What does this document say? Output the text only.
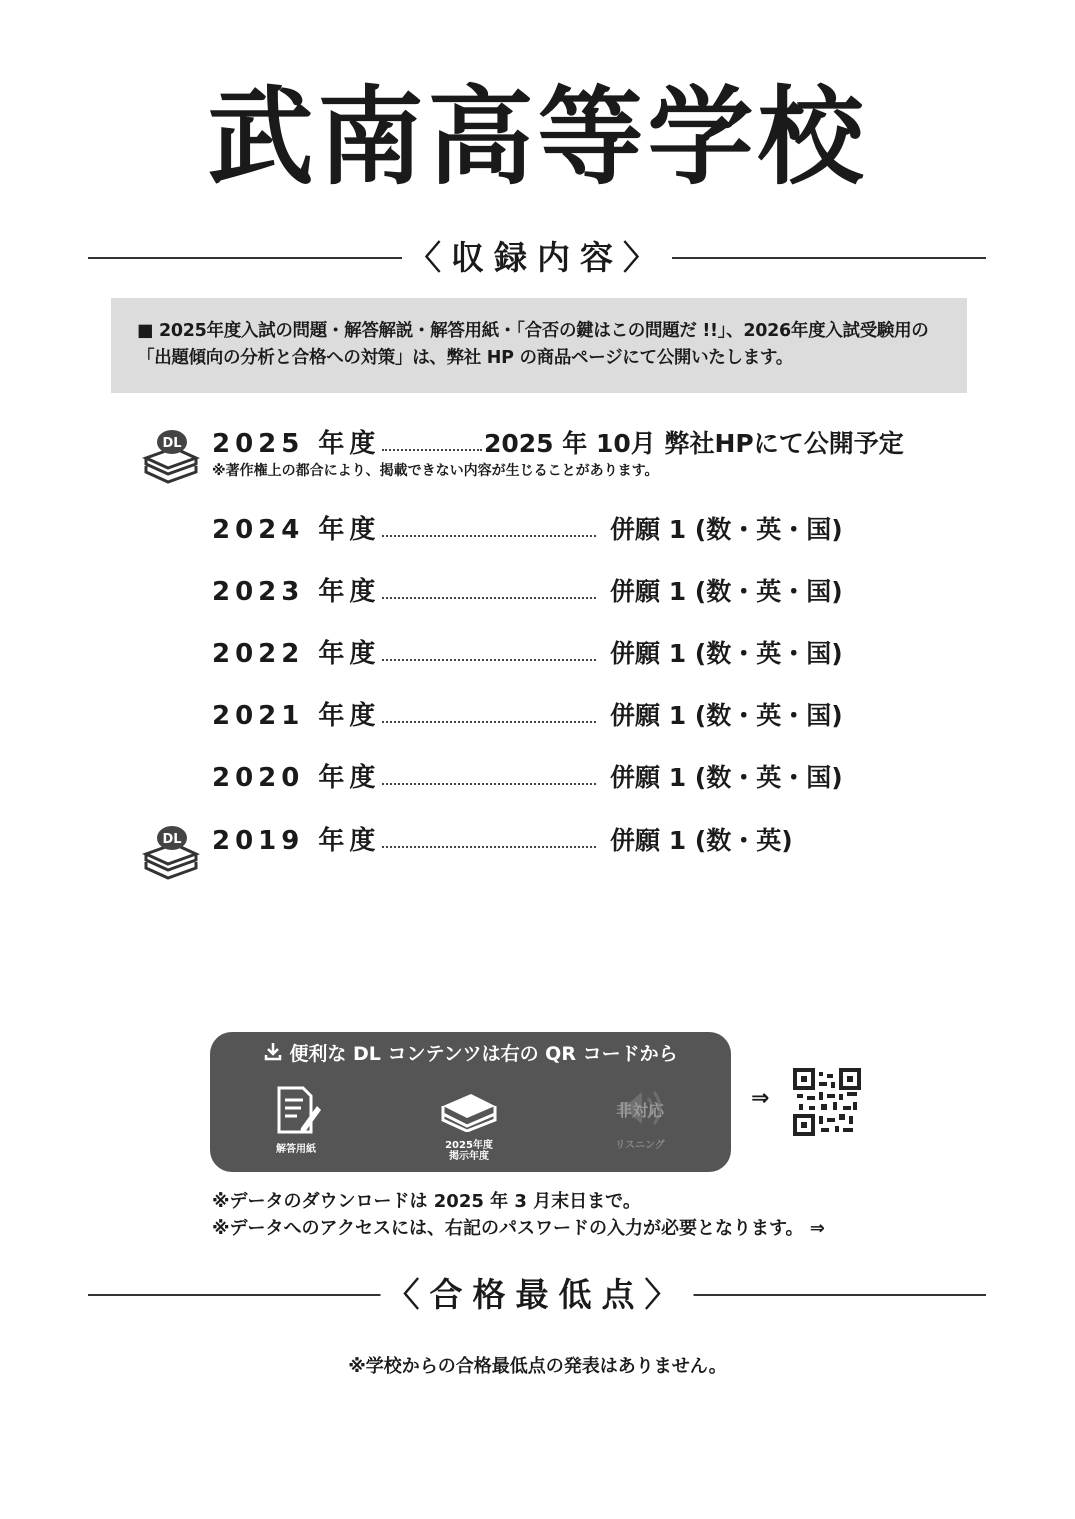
武南高等学校
〈収録内容〉

■ 2025年度入試の問題・解答解説・解答用紙・「合否の鍵はこの問題だ !!」、2026年度入試受験用の「出題傾向の分析と合格への対策」は、弊社 HP の商品ページにて公開いたします。

DL
DL
2025 年度	2025 年 10月 弊社HPにて公開予定
※著作権上の都合により、掲載できない内容が生じることがあります。
2024 年度	併願 1 (数・英・国)
2023 年度	併願 1 (数・英・国)
2022 年度	併願 1 (数・英・国)
2021 年度	併願 1 (数・英・国)
2020 年度	併願 1 (数・英・国)
2019 年度	併願 1 (数・英)
便利な DL コンテンツは右の QR コードから
解答用紙	2025年度
掲示年度
非対応
リスニング
⇒
※データのダウンロードは 2025 年 3 月末日まで。
※データへのアクセスには、右記のパスワードの入力が必要となります。 ⇒
〈合格最低点〉
※学校からの合格最低点の発表はありません。
